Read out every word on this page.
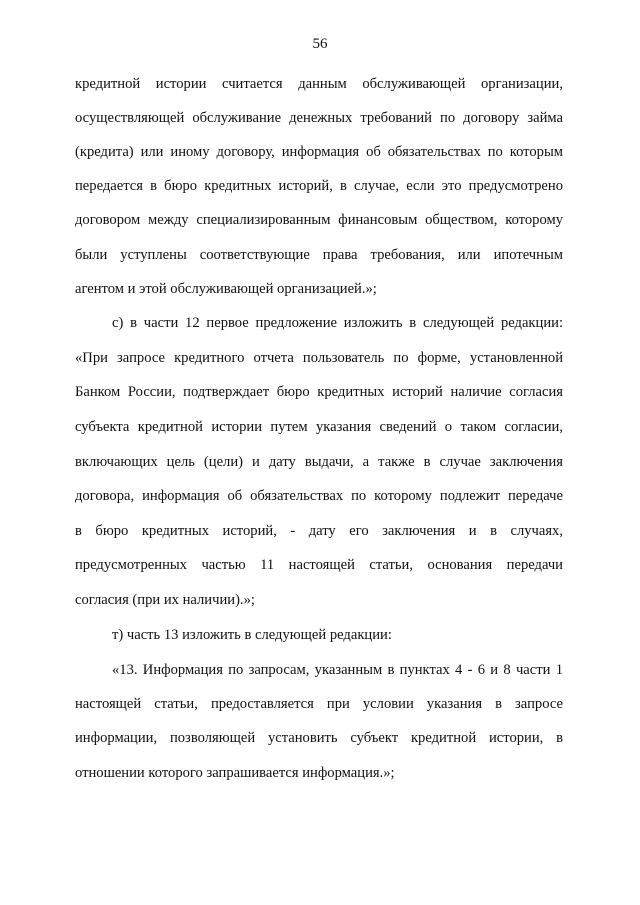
56
кредитной истории считается данным обслуживающей организации,
осуществляющей обслуживание денежных требований по договору займа
(кредита) или иному договору, информация об обязательствах по которым
передается в бюро кредитных историй, в случае, если это предусмотрено
договором между специализированным финансовым обществом, которому
были уступлены соответствующие права требования, или ипотечным
агентом и этой обслуживающей организацией.»;
с) в части 12 первое предложение изложить в следующей редакции:
«При запросе кредитного отчета пользователь по форме, установленной
Банком России, подтверждает бюро кредитных историй наличие согласия
субъекта кредитной истории путем указания сведений о таком согласии,
включающих цель (цели) и дату выдачи, а также в случае заключения
договора, информация об обязательствах по которому подлежит передаче
в бюро кредитных историй, - дату его заключения и в случаях,
предусмотренных частью 11 настоящей статьи, основания передачи
согласия (при их наличии).»;
т) часть 13 изложить в следующей редакции:
«13. Информация по запросам, указанным в пунктах 4 - 6 и 8 части 1
настоящей статьи, предоставляется при условии указания в запросе
информации, позволяющей установить субъект кредитной истории, в
отношении которого запрашивается информация.»;
